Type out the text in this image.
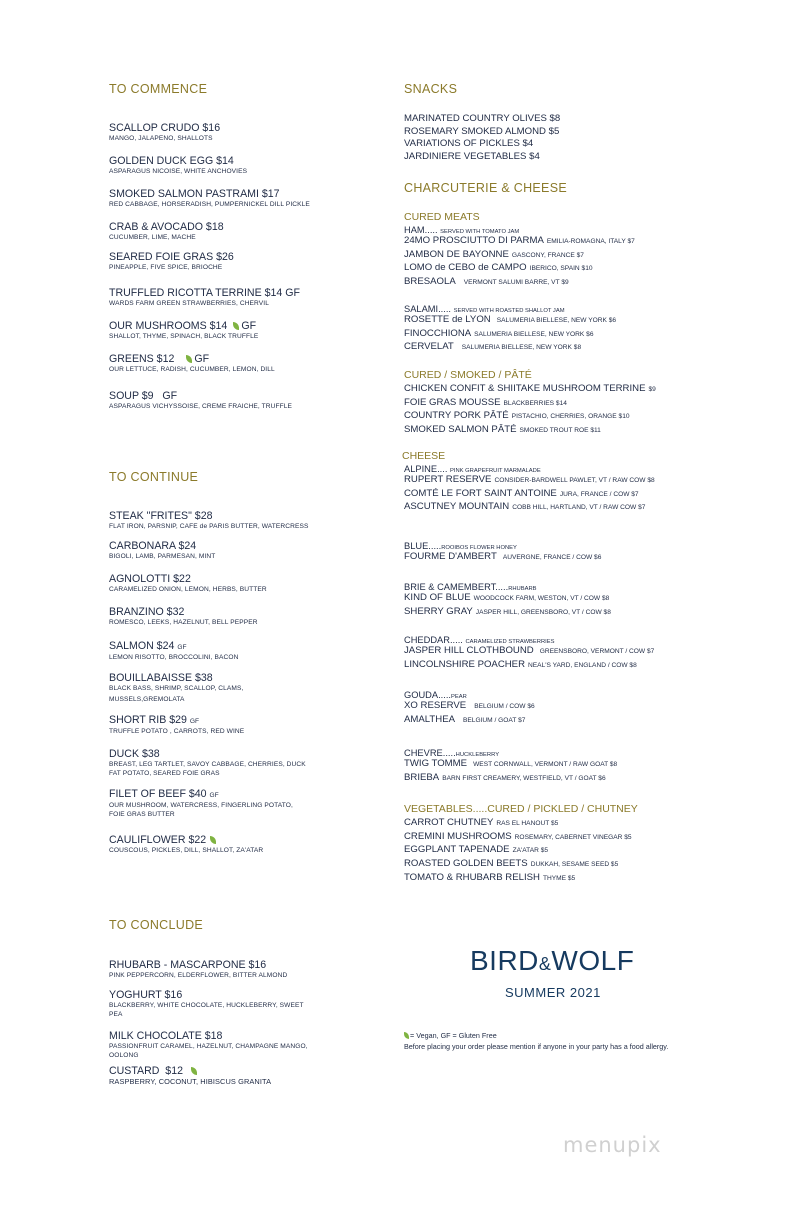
TO COMMENCE
SCALLOP CRUDO $16
MANGO, JALAPENO, SHALLOTS
GOLDEN DUCK EGG $14
ASPARAGUS NICOISE, WHITE ANCHOVIES
SMOKED SALMON PASTRAMI $17
RED CABBAGE, HORSERADISH, PUMPERNICKEL DILL PICKLE
CRAB & AVOCADO $18
CUCUMBER, LIME, MACHE
SEARED FOIE GRAS $26
PINEAPPLE, FIVE SPICE, BRIOCHE
TRUFFLED RICOTTA TERRINE $14 GF
WARDS FARM GREEN STRAWBERRIES, CHERVIL
OUR MUSHROOMS $14 GF
SHALLOT, THYME, SPINACH, BLACK TRUFFLE
GREENS $12 GF
OUR LETTUCE, RADISH, CUCUMBER, LEMON, DILL
SOUP $9   GF
ASPARAGUS VICHYSSOISE, CREME FRAICHE, TRUFFLE
TO CONTINUE
STEAK "FRITES" $28
FLAT IRON, PARSNIP, CAFE de PARIS BUTTER, WATERCRESS
CARBONARA $24
BIGOLI, LAMB, PARMESAN, MINT
AGNOLOTTI $22
CARAMELIZED ONION, LEMON, HERBS, BUTTER
BRANZINO $32
ROMESCO, LEEKS, HAZELNUT, BELL PEPPER
SALMON $24 GF
LEMON RISOTTO, BROCCOLINI, BACON
BOUILLABAISSE $38
BLACK BASS, SHRIMP, SCALLOP, CLAMS,
MUSSELS,GREMOLATA
SHORT RIB $29 GF
TRUFFLE POTATO , CARROTS, RED WINE
DUCK $38
BREAST, LEG TARTLET, SAVOY CABBAGE, CHERRIES, DUCK
FAT POTATO, SEARED FOIE GRAS
FILET OF BEEF $40 GF
OUR MUSHROOM, WATERCRESS, FINGERLING POTATO,
FOIE GRAS BUTTER
CAULIFLOWER $22
COUSCOUS, PICKLES, DILL, SHALLOT, ZA'ATAR
TO CONCLUDE
RHUBARB - MASCARPONE $16
PINK PEPPERCORN, ELDERFLOWER, BITTER ALMOND
YOGHURT $16
BLACKBERRY, WHITE CHOCOLATE, HUCKLEBERRY, SWEET
PEA
MILK CHOCOLATE $18
PASSIONFRUIT CARAMEL, HAZELNUT, CHAMPAGNE MANGO,
OOLONG
CUSTARD  $12
RASPBERRY, COCONUT, HIBISCUS GRANITA
SNACKS
MARINATED COUNTRY OLIVES $8
ROSEMARY SMOKED ALMOND $5
VARIATIONS OF PICKLES $4
JARDINIERE VEGETABLES $4
CHARCUTERIE & CHEESE
CURED MEATS
HAM..... SERVED WITH TOMATO JAM
24MO PROSCIUTTO DI PARMA EMILIA-ROMAGNA, ITALY $7
JAMBON DE BAYONNE GASCONY, FRANCE $7
LOMO de CEBO de CAMPO IBERICO, SPAIN $10
BRESAOLA VERMONT SALUMI BARRE, VT $9
SALAMI..... SERVED WITH ROASTED SHALLOT JAM
ROSETTE de LYON SALUMERIA BIELLESE, NEW YORK $6
FINOCCHIONA SALUMERIA BIELLESE, NEW YORK $6
CERVELAT SALUMERIA BIELLESE, NEW YORK $8
CURED / SMOKED / PÂTÉ
CHICKEN CONFIT & SHIITAKE MUSHROOM TERRINE $9
FOIE GRAS MOUSSE BLACKBERRIES $14
COUNTRY PORK PÂTÉ PISTACHIO, CHERRIES, ORANGE $10
SMOKED SALMON PÂTÉ SMOKED TROUT ROE $11
CHEESE
ALPINE.... PINK GRAPEFRUIT MARMALADE
RUPERT RESERVE CONSIDER-BARDWELL PAWLET, VT / RAW COW $8
COMTÉ LE FORT SAINT ANTOINE JURA, FRANCE / COW $7
ASCUTNEY MOUNTAIN COBB HILL, HARTLAND, VT / RAW COW $7
BLUE.....ROOIBOS FLOWER HONEY
FOURME D'AMBERT AUVERGNE, FRANCE / COW $6
BRIE & CAMEMBERT.....RHUBARB
KIND OF BLUE WOODCOCK FARM, WESTON, VT / COW $8
SHERRY GRAY JASPER HILL, GREENSBORO, VT / COW $8
CHEDDAR..... CARAMELIZED STRAWBERRIES
JASPER HILL CLOTHBOUND GREENSBORO, VERMONT / COW $7
LINCOLNSHIRE POACHER NEAL'S YARD, ENGLAND / COW $8
GOUDA.....PEAR
XO RESERVE BELGIUM / COW $6
AMALTHEA BELGIUM / GOAT $7
CHEVRE.....HUCKLEBERRY
TWIG TOMME WEST CORNWALL, VERMONT / RAW GOAT $8
BRIEBA BARN FIRST CREAMERY, WESTFIELD, VT / GOAT $6
VEGETABLES.....CURED / PICKLED / CHUTNEY
CARROT CHUTNEY RAS EL HANOUT $5
CREMINI MUSHROOMS ROSEMARY, CABERNET VINEGAR $5
EGGPLANT TAPENADE ZA'ATAR $5
ROASTED GOLDEN BEETS DUKKAH, SESAME SEED $5
TOMATO & RHUBARB RELISH THYME $5
BIRD&WOLF
SUMMER 2021
= Vegan, GF = Gluten Free
Before placing your order please mention if anyone in your party has a food allergy.
menupix
